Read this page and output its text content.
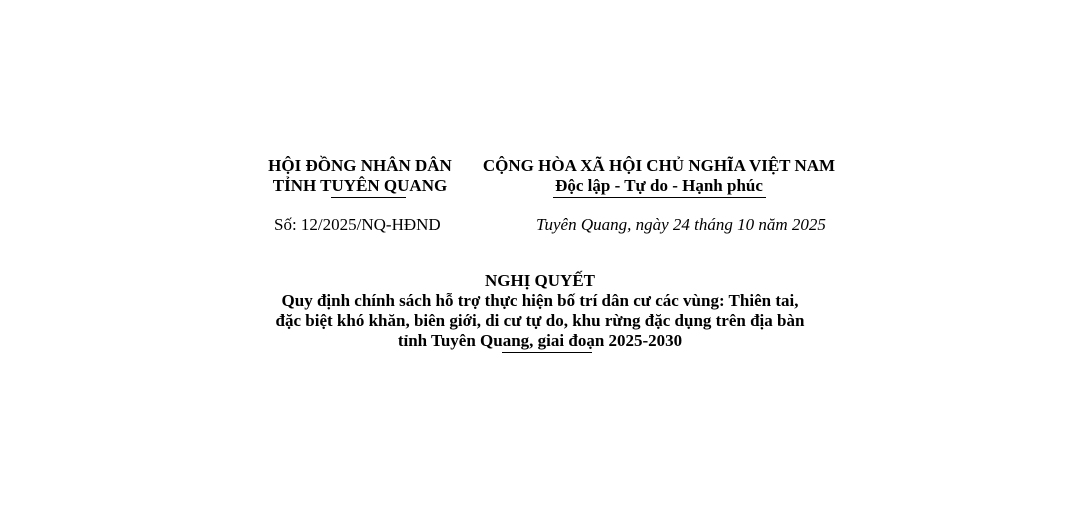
HỘI ĐỒNG NHÂN DÂN
TỈNH TUYÊN QUANG
CỘNG HÒA XÃ HỘI CHỦ NGHĨA VIỆT NAM
Độc lập - Tự do - Hạnh phúc
Số: 12/2025/NQ-HĐND	Tuyên Quang, ngày 24 tháng 10 năm 2025
NGHỊ QUYẾT
Quy định chính sách hỗ trợ thực hiện bố trí dân cư các vùng: Thiên tai,
đặc biệt khó khăn, biên giới, di cư tự do, khu rừng đặc dụng trên địa bàn
tỉnh Tuyên Quang, giai đoạn 2025-2030
